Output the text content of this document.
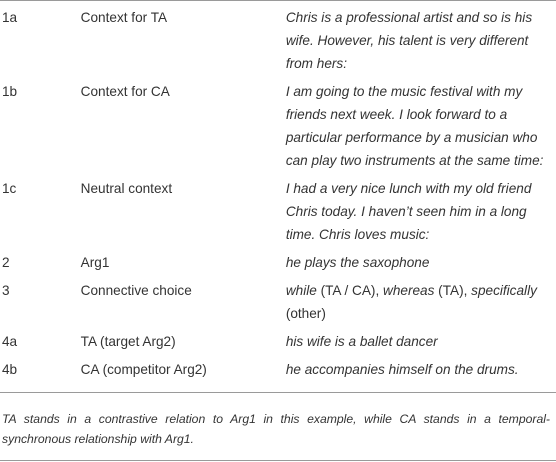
1a	Context for TA	Chris is a professional artist and so is his wife. However, his talent is very different from hers:
1b	Context for CA	I am going to the music festival with my friends next week. I look forward to a particular performance by a musician who can play two instruments at the same time:
1c	Neutral context	I had a very nice lunch with my old friend Chris today. I haven’t seen him in a long time. Chris loves music:
2	Arg1	he plays the saxophone
3	Connective choice	while (TA / CA), whereas (TA), specifically (other)
4a	TA (target Arg2)	his wife is a ballet dancer
4b	CA (competitor Arg2)	he accompanies himself on the drums.
TA stands in a contrastive relation to Arg1 in this example, while CA stands in a temporal-synchronous relationship with Arg1.
